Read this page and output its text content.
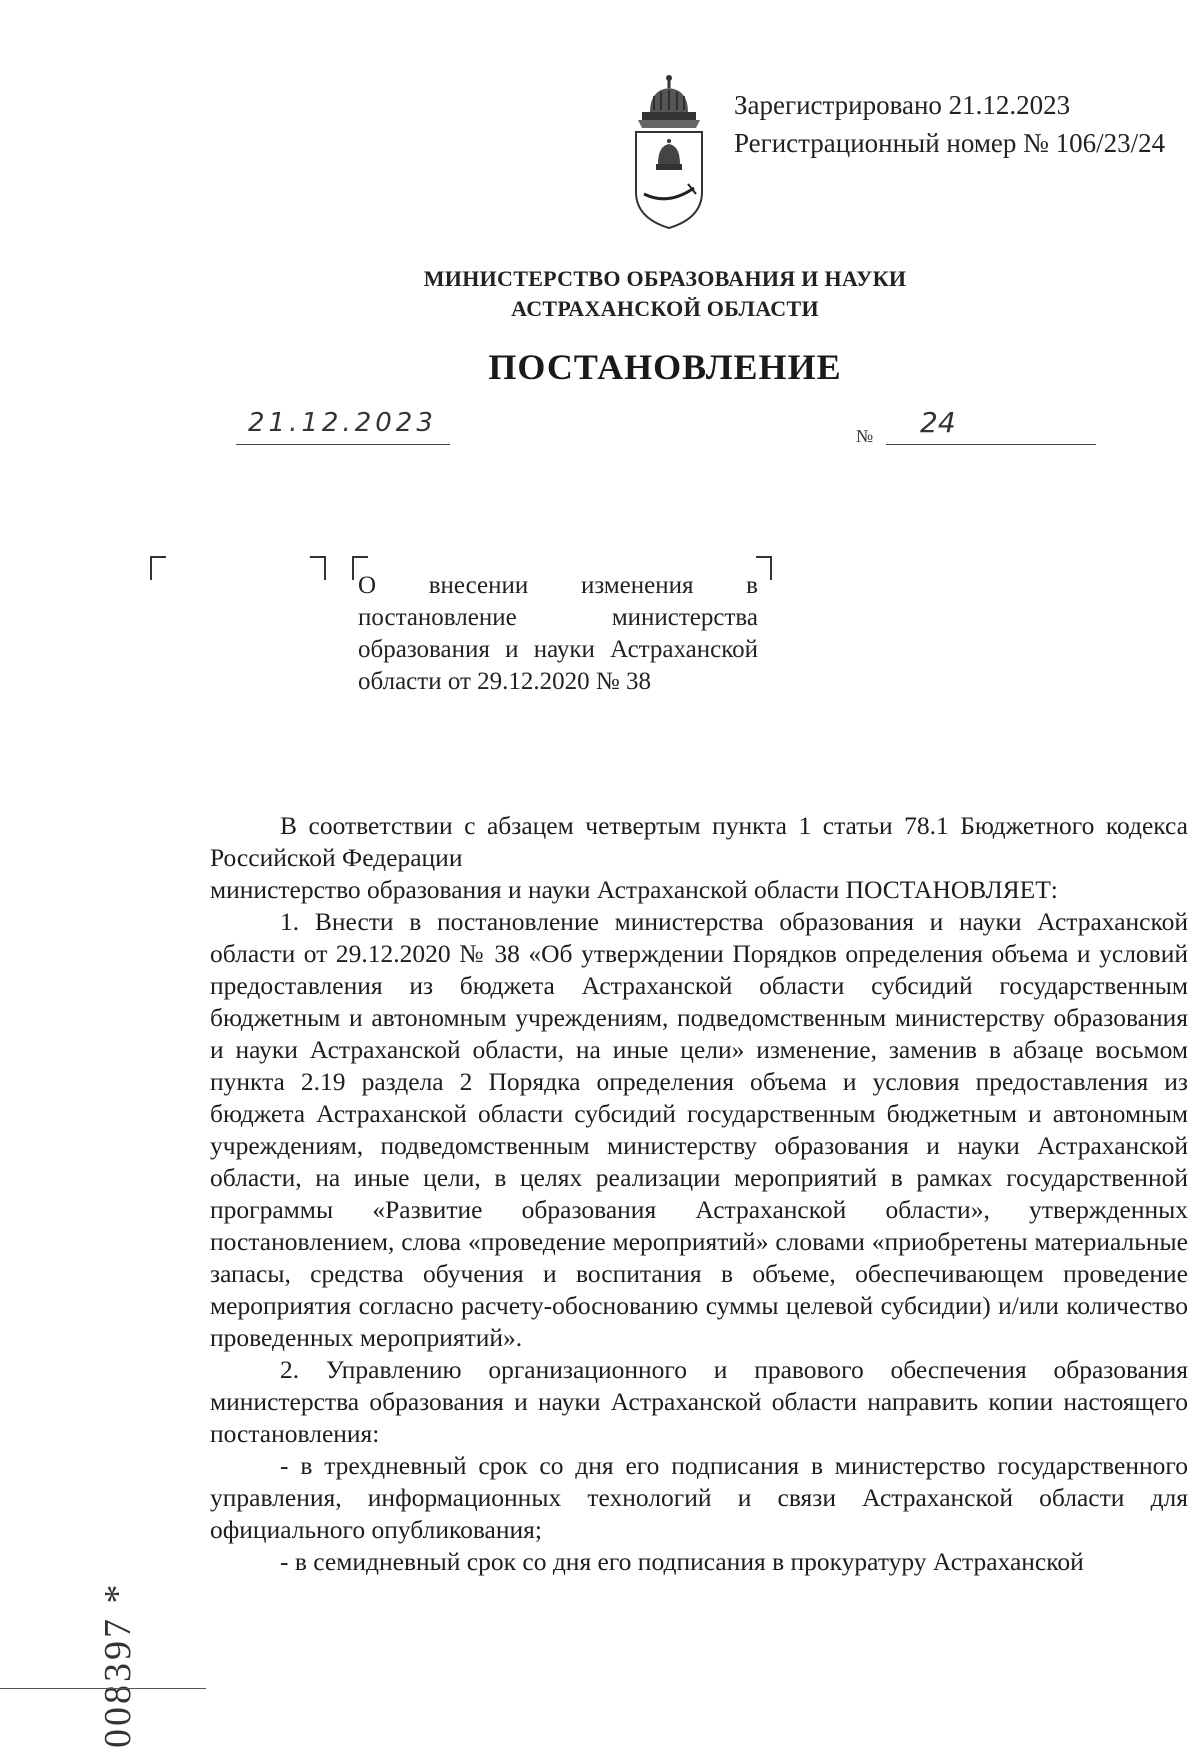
Зарегистрировано 21.12.2023
Регистрационный номер № 106/23/24
МИНИСТЕРСТВО ОБРАЗОВАНИЯ И НАУКИ
АСТРАХАНСКОЙ ОБЛАСТИ
ПОСТАНОВЛЕНИЕ
21.12.2023	№ 24
О внесении изменения в постановление министерства образования и науки Астраханской области от 29.12.2020 № 38

В соответствии с абзацем четвертым пункта 1 статьи 78.1 Бюджетного кодекса Российской Федерации

министерство образования и науки Астраханской области ПОСТАНОВЛЯЕТ:

1. Внести в постановление министерства образования и науки Астраханской области от 29.12.2020 № 38 «Об утверждении Порядков определения объема и условий предоставления из бюджета Астраханской области субсидий государственным бюджетным и автономным учреждениям, подведомственным министерству образования и науки Астраханской области, на иные цели» изменение, заменив в абзаце восьмом пункта 2.19 раздела 2 Порядка определения объема и условия предоставления из бюджета Астраханской области субсидий государственным бюджетным и автономным учреждениям, подведомственным министерству образования и науки Астраханской области, на иные цели, в целях реализации мероприятий в рамках государственной программы «Развитие образования Астраханской области», утвержденных постановлением, слова «проведение мероприятий» словами «приобретены материальные запасы, средства обучения и воспитания в объеме, обеспечивающем проведение мероприятия согласно расчету-обоснованию суммы целевой субсидии) и/или количество проведенных мероприятий».

2. Управлению организационного и правового обеспечения образования министерства образования и науки Астраханской области направить копии настоящего постановления:

- в трехдневный срок со дня его подписания в министерство государственного управления, информационных технологий и связи Астраханской области для официального опубликования;

- в семидневный срок со дня его подписания в прокуратуру Астраханской

008397 *
